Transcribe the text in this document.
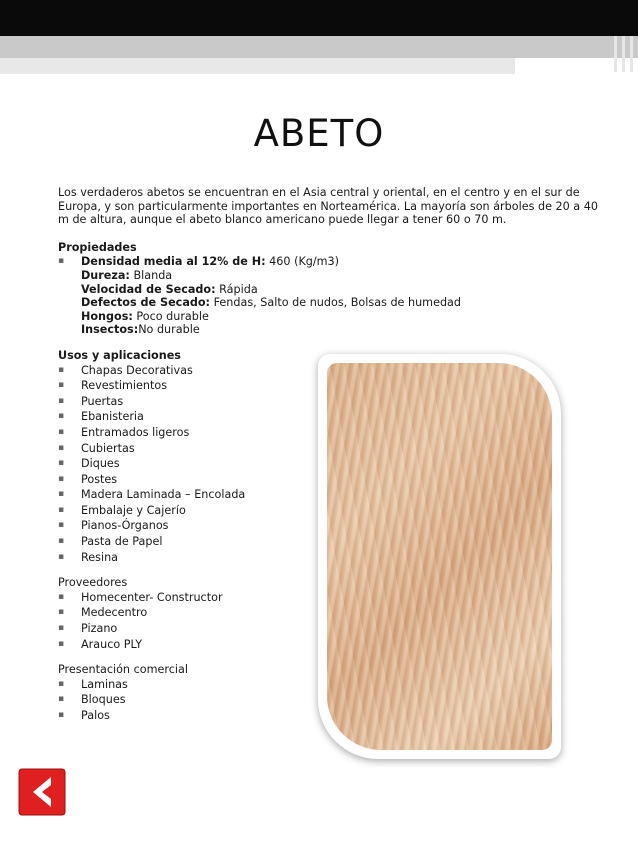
ABETO

Los verdaderos abetos se encuentran en el Asia central y oriental, en el centro y en el sur de Europa, y son particularmente importantes en Norteamérica. La mayoría son árboles de 20 a 40 m de altura, aunque el abeto blanco americano puede llegar a tener 60 o 70 m.

Propiedades
▪ Densidad media al 12% de H: 460 (Kg/m3)
Dureza: Blanda
Velocidad de Secado: Rápida
Defectos de Secado: Fendas, Salto de nudos, Bolsas de humedad
Hongos: Poco durable
Insectos:No durable
Usos y aplicaciones
▪ Chapas Decorativas
▪ Revestimientos
▪ Puertas
▪ Ebanisteria
▪ Entramados ligeros
▪ Cubiertas
▪ Diques
▪ Postes
▪ Madera Laminada – Encolada
▪ Embalaje y Cajerío
▪ Pianos-Órganos
▪ Pasta de Papel
▪ Resina
Proveedores
▪ Homecenter- Constructor
▪ Medecentro
▪ Pizano
▪ Arauco PLY
Presentación comercial
▪ Laminas
▪ Bloques
▪ Palos
